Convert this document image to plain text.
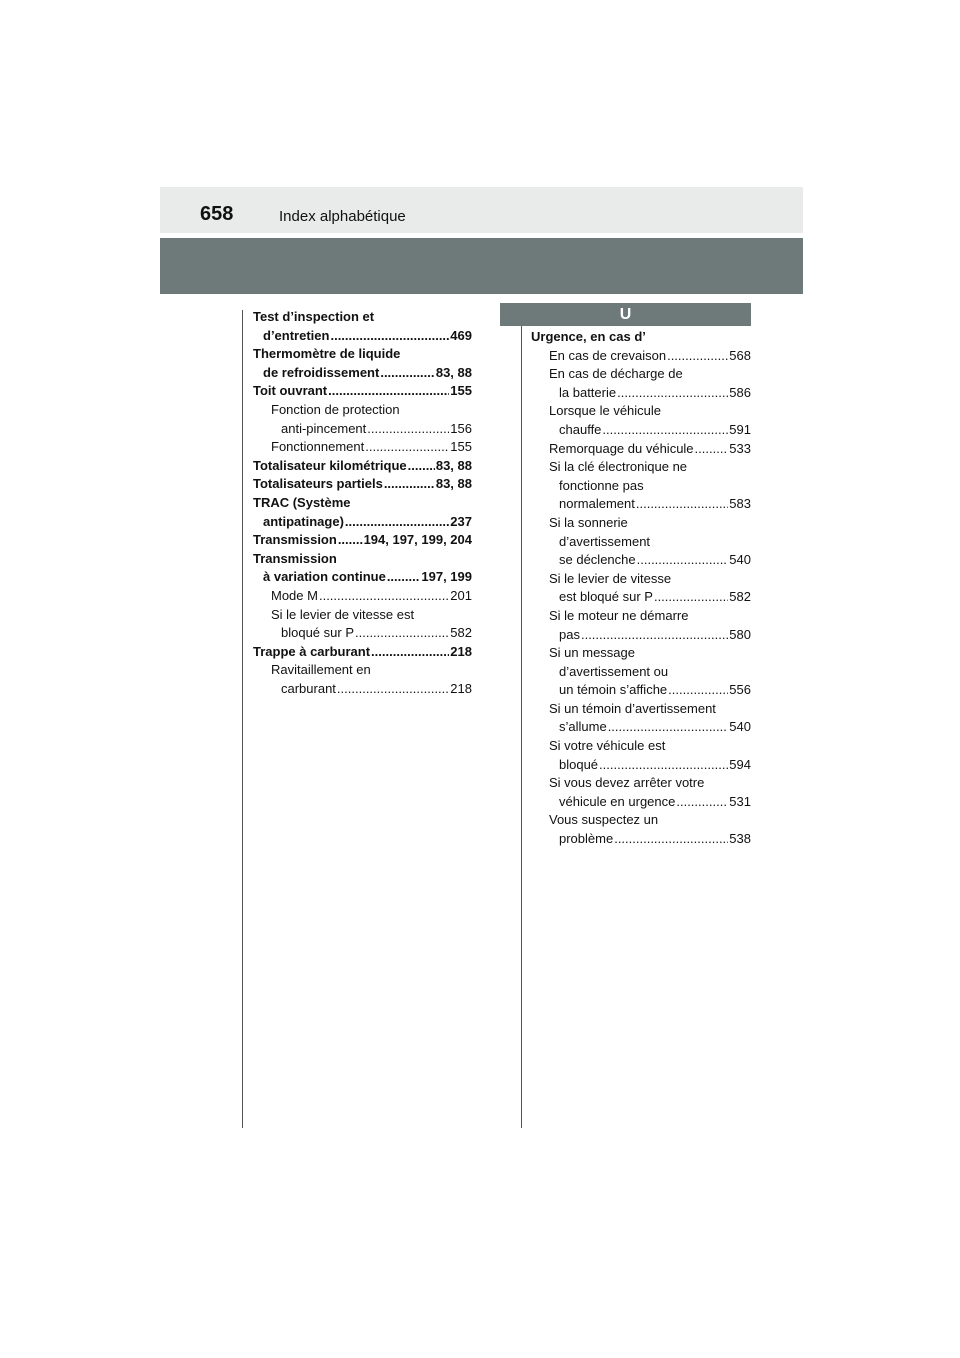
658	Index alphabétique
Test d’inspection et
d’entretien .....	469
Thermomètre de liquide
de refroidissement .....	83, 88
Toit ouvrant .....	155
Fonction de protection
anti-pincement .....	156
Fonctionnement .....	155
Totalisateur kilométrique ..... 83, 88
Totalisateurs partiels .....	83, 88
TRAC (Système
antipatinage) .....	237
Transmission ..... 194, 197, 199, 204
Transmission
à variation continue .....	197, 199
Mode M .....	201
Si le levier de vitesse est
bloqué sur P .....	582
Trappe à carburant .....	218
Ravitaillement en
carburant .....	218
U
Urgence, en cas d’
En cas de crevaison .....	568
En cas de décharge de
la batterie .....	586
Lorsque le véhicule
chauffe .....	591
Remorquage du véhicule .....	533
Si la clé électronique ne
fonctionne pas
normalement .....	583
Si la sonnerie
d’avertissement
se déclenche .....	540
Si le levier de vitesse
est bloqué sur P .....	582
Si le moteur ne démarre
pas .....	580
Si un message
d’avertissement ou
un témoin s’affiche .....	556
Si un témoin d’avertissement
s’allume .....	540
Si votre véhicule est
bloqué .....	594
Si vous devez arrêter votre
véhicule en urgence .....	531
Vous suspectez un
problème .....	538
